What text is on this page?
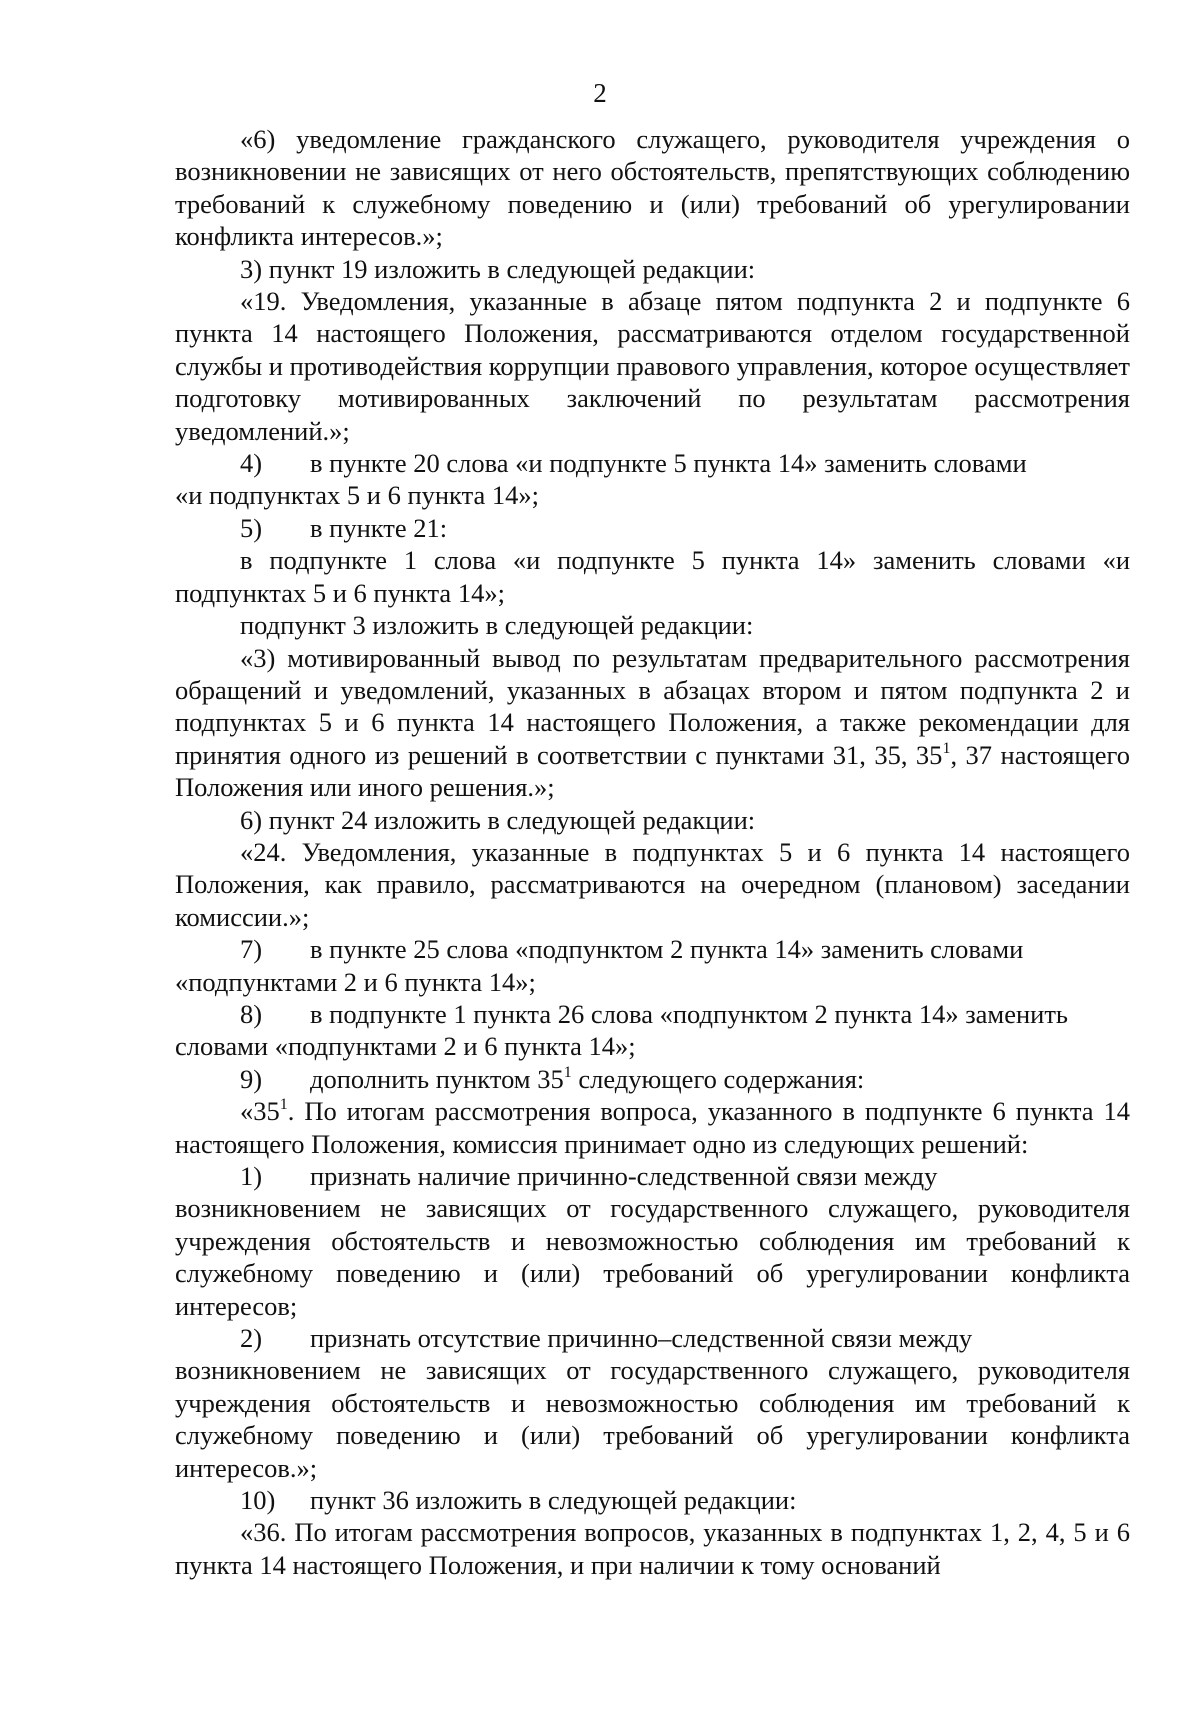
2

«6) уведомление гражданского служащего, руководителя учреждения о возникновении не зависящих от него обстоятельств, препятствующих соблюдению требований к служебному поведению и (или) требований об урегулировании конфликта интересов.»;

3) пункт 19 изложить в следующей редакции:

«19. Уведомления, указанные в абзаце пятом подпункта 2 и подпункте 6 пункта 14 настоящего Положения, рассматриваются отделом государственной службы и противодействия коррупции правового управления, которое осуществляет подготовку мотивированных заключений по результатам рассмотрения уведомлений.»;

4)	в пункте 20 слова «и подпункте 5 пункта 14» заменить словами

«и подпунктах 5 и 6 пункта 14»;

5)	в пункте 21:

в подпункте 1 слова «и подпункте 5 пункта 14» заменить словами «и подпунктах 5 и 6 пункта 14»;

подпункт 3 изложить в следующей редакции:

«3) мотивированный вывод по результатам предварительного рассмотрения обращений и уведомлений, указанных в абзацах втором и пятом подпункта 2 и подпунктах 5 и 6 пункта 14 настоящего Положения, а также рекомендации для принятия одного из решений в соответствии с пунктами 31, 35, $35^1$, 37 настоящего Положения или иного решения.»;

6) пункт 24 изложить в следующей редакции:

«24. Уведомления, указанные в подпунктах 5 и 6 пункта 14 настоящего Положения, как правило, рассматриваются на очередном (плановом) заседании комиссии.»;

7)	в пункте 25 слова «подпунктом 2 пункта 14» заменить словами

«подпунктами 2 и 6 пункта 14»;

8)	в подпункте 1 пункта 26 слова «подпунктом 2 пункта 14» заменить

словами «подпунктами 2 и 6 пункта 14»;

9)	дополнить пунктом $35^1$ следующего содержания:

«$35^1$. По итогам рассмотрения вопроса, указанного в подпункте 6 пункта 14 настоящего Положения, комиссия принимает одно из следующих решений:

1)	признать наличие причинно-следственной связи между

возникновением не зависящих от государственного служащего, руководителя учреждения обстоятельств и невозможностью соблюдения им требований к служебному поведению и (или) требований об урегулировании конфликта интересов;

2)	признать отсутствие причинно–следственной связи между

возникновением не зависящих от государственного служащего, руководителя учреждения обстоятельств и невозможностью соблюдения им требований к служебному поведению и (или) требований об урегулировании конфликта интересов.»;

10)	пункт 36 изложить в следующей редакции:

«36. По итогам рассмотрения вопросов, указанных в подпунктах 1, 2, 4, 5 и 6 пункта 14 настоящего Положения, и при наличии к тому оснований
